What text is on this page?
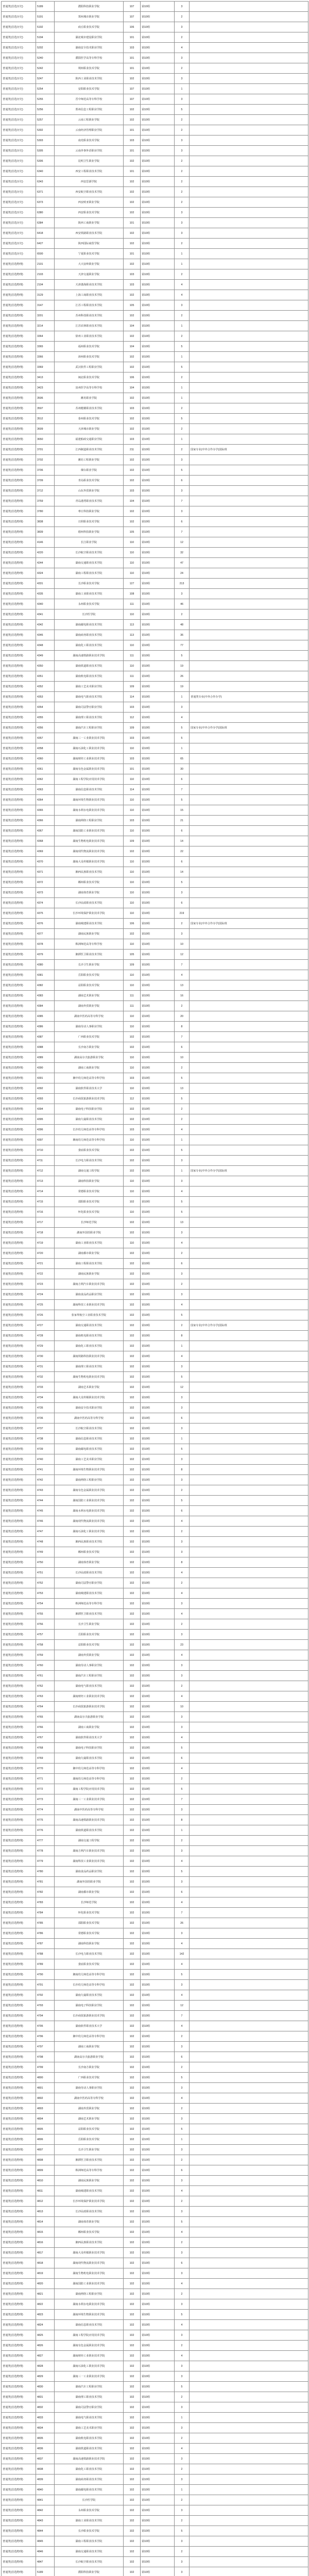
普通类(首选历史)	5189	濮阳科技职业学院	107	第10组	3	
普通类(首选历史)	5191	郑州城市职业学院	107	第10组	2	
普通类(首选历史)	5192	商丘职业技术学院	106	第10组	3	
普通类(首选历史)	5194	湖北城市建设职业学院	101	第10组	2	
普通类(首选历史)	5202	湖南安全技术职业学院	103	第10组	4	
普通类(首选历史)	5240	濮阳医学高等专科学校	101	第10组	3	
普通类(首选历史)	5242	朔州职业技术学院	101	第10组	2	
普通类(首选历史)	5247	陕西工业职业技术学院	102	第10组	3	
普通类(首选历史)	5254	安阳职业技术学院	107	第10组	1	
普通类(首选历史)	5255	晋中师范高等专科学校	107	第10组	3	
普通类(首选历史)	5256	郑州信息工程职业学院	102	第10组	5	
普通类(首选历史)	5257	云南工程职业学院	102	第10组	2	
普通类(首选历史)	5302	云南经济管理职业学院	101	第10组	2	
普通类(首选历史)	5303	南充职业技术学院	103	第10组	3	
普通类(首选历史)	5305	云南外事外语职业学院	101	第10组	3	
普通类(首选历史)	5306	昆明卫生职业学院	102	第10组	2	
普通类(首选历史)	6340	西安工程职业技术学院	101	第10组	2	
普通类(首选历史)	6343	西安思源学院	102	第10组	2	
普通类(首选历史)	6371	西安航空职业技术学院	102	第10组	2	
普通类(首选历史)	6373	西安欧亚职业学院	102	第10组	2	
普通类(首选历史)	6380	西安职业技术学院	102	第10组	3	
普通类(首选历史)	6384	陕西工商职业学院	101	第10组	3	
普通类(首选历史)	6418	西安铁路职业技术学院	102	第10组	3	
普通类(首选历史)	6427	陕西国际商贸学院	102	第10组	2	
普通类(首选历史)	6500	宁夏职业技术学院	101	第10组	1	
普通类(首选物理)	2101	大兴安岭职业学院	102	第10组	1	
普通类(首选物理)	2103	天津交通职业学院	103	第10组	2	
普通类(首选物理)	2104	天津渤海职业技术学院	103	第10组	4	
普通类(首选物理)	3129	上海工商职业技术学院	102	第10组	4	
普通类(首选物理)	3147	江苏工程职业技术学院	105	第10组	3	
普通类(首选物理)	3201	苏州科技职业技术学院	102	第10组	2	
普通类(首选物理)	3214	江苏农林职业技术学院	104	第10组	1	
普通类(首选物理)	3364	徐州工业职业技术学院	102	第10组	2	
普通类(首选物理)	3365	福州职业技术学院	104	第10组	5	
普通类(首选物理)	3366	漳州职业技术学院	102	第10组	1	
普通类(首选物理)	3369	武汉软件工程职业学院	102	第10组	5	
普通类(首选物理)	3413	闽北职业技术学院	106	第10组	2	
普通类(首选物理)	3423	泉州医学高等专科学校	104	第10组	1	
普通类(首选物理)	3506	潍坊职业学院	102	第10组	1	
普通类(首选物理)	3507	苏州健雄职业技术学院	103	第10组	2	
普通类(首选物理)	3512	泰州职业技术学院	102	第10组	5	
普通类(首选物理)	3609	天津城市职业学院	102	第10组	2	
普通类(首选物理)	3650	福建船政交通职业学院	103	第10组	1	
普通类(首选物理)	3701	江西制造职业技术学院	211	第10组	2	国家专业(中外合作办学)国际班
普通类(首选物理)	3702	潍坊工程职业学院	102	第10组	3	
普通类(首选物理)	3706	烟台职业学院	102	第10组	5	
普通类(首选物理)	3709	青岛职业技术学院	102	第10组	6	
普通类(首选物理)	3712	山东外贸职业学院	103	第10组	3	
普通类(首选物理)	3759	青岛港湾职业技术学院	104	第10组	7	
普通类(首选物理)	3780	枣庄科技职业学院	102	第10组	3	
普通类(首选物理)	3838	日照职业技术学院	102	第10组	6	
普通类(首选物理)	3839	德州科技职业学院	105	第10组	7	
普通类(首选物理)	4146	长江职业学院	110	第10组	12	
普通类(首选物理)	4220	长沙航空职业技术学院	110	第10组	32	
普通类(首选物理)	4244	湖南交通职业技术学院	110	第10组	47	
普通类(首选物理)	4324	湖南工程职业技术学院	110	第10组	24	
普通类(首选物理)	4331	长沙职业技术学院	127	第10组	213	
普通类(首选物理)	4335	湖南工业职业技术学院	108	第10组	3	
普通类(首选物理)	4340	永州职业技术学院	111	第10组	46	
普通类(首选物理)	4341	长沙医学院	110	第10组	2	
普通类(首选物理)	4342	湖南邮电职业技术学院	113	第10组	48	
普通类(首选物理)	4346	湖南商务职业技术学院	113	第10组	36	
普通类(首选物理)	4348	湖南化工职业技术学院	110	第10组	77	
普通类(首选物理)	4349	湖南高速铁路职业技术学院	111	第10组	5	
普通类(首选物理)	4350	湖南铁道职业技术学院	110	第10组	19	
普通类(首选物理)	4351	湖南机电职业技术学院	111	第10组	26	
普通类(首选物理)	4352	湖南工艺美术职业学院	109	第10组	19	
普通类(首选物理)	4353	湖南电气职业技术学院	114	第10组	1	普通类专业(中外合作办学)
普通类(首选物理)	4354	湖南司法警官职业学院	103	第10组	3	
普通类(首选物理)	4355	湖南理工职业技术学院	112	第10组	4	
普通类(首选物理)	4356	湖南汽车工程职业学院	109	第10组	5	国家专业(中外合作办学)国际班
普通类(首选物理)	4357	湖南三一工业职业技术学院	103	第10组	5	
普通类(首选物理)	4358	湖南石油化工职业技术学院	110	第10组	1	
普通类(首选物理)	4360	湖南财经工业职业技术学院	103	第10组	65	
普通类(首选物理)	4361	湖南有色金属职业技术学院	101	第10组	30	
普通类(首选物理)	4362	湖南工程学院应用技术学院	110	第10组	6	
普通类(首选物理)	4363	湖南信息职业技术学院	114	第10组	7	
普通类(首选物理)	4364	湖南环境生物职业技术学院	110	第10组	5	
普通类(首选物理)	4365	湖南水利水电职业技术学院	110	第10组	15	
普通类(首选物理)	4366	湖南网络工程职业学院	103	第10组	21	
普通类(首选物理)	4367	湖南国防工业职业技术学院	110	第10组	6	
普通类(首选物理)	4368	湖南生物机电职业技术学院	109	第10组	14	
普通类(首选物理)	4369	湖南现代物流职业技术学院	102	第10组	22	
普通类(首选物理)	4370	湖南大众传媒职业技术学院	110	第10组	6	
普通类(首选物理)	4371	湘西民族职业技术学院	110	第10组	14	
普通类(首选物理)	4372	郴州职业技术学院	110	第10组	5	
普通类(首选物理)	4373	湖南体育职业学院	110	第10组	3	
普通类(首选物理)	4374	长沙民政职业技术学院	110	第10组	6	
普通类(首选物理)	4375	长沙环境保护职业技术学院	110	第10组	219	
普通类(首选物理)	4376	湖南城建职业技术学院	106	第10组	2	国家专业(中外合作办学)国际班
普通类(首选物理)	4377	湖南民族职业学院	102	第10组	3	
普通类(首选物理)	4378	株洲师范高等专科学校	110	第10组	10	
普通类(首选物理)	4379	湘潭医卫职业技术学院	105	第10组	12	
普通类(首选物理)	4380	长沙卫生职业学院	109	第10组	7	
普通类(首选物理)	4381	岳阳职业技术学院	110	第10组	4	
普通类(首选物理)	4382	益阳职业技术学院	110	第10组	13	
普通类(首选物理)	4383	湖南艺术职业学院	111	第10组	16	
普通类(首选物理)	4384	湖南外贸职业学院	111	第10组	2	
普通类(首选物理)	4385	湖南中医药高等专科学校	110	第10组	20	
普通类(首选物理)	4386	湖南劳动人事职业学院	110	第10组	8	
普通类(首选物理)	4387	广西职业技术学院	102	第10组	7	
普通类(首选物理)	4388	长沙南方职业学院	102	第10组	6	
普通类(首选物理)	4389	湖南高尔夫旅游职业学院	110	第10组	10	
普通类(首选物理)	4390	湖南工商职业学院	110	第10组	2	
普通类(首选物理)	4391	湘中幼儿师范高等专科学校	103	第10组	5	
普通类(首选物理)	4392	湖南软件职业技术大学	110	第10组	13	
普通类(首选物理)	4393	长沙商贸旅游职业技术学院	112	第10组	5	
普通类(首选物理)	4394	湖南电子科技职业学院	102	第10组	2	
普通类(首选物理)	4395	湖南九嶷职业技术学院	102	第10组	2	
普通类(首选物理)	4396	长沙幼儿师范高等专科学校	103	第10组	4	
普通类(首选物理)	4397	湘南幼儿师范高等专科学校	110	第10组	1	
普通类(首选物理)	4710	娄底职业技术学院	102	第10组	5	
普通类(首选物理)	4711	长沙电力职业技术学院	102	第10组	3	
普通类(首选物理)	4712	湖南交通工程学院	102	第10组	1	国家专业(中外合作办学)国际班
普通类(首选物理)	4713	湖南科技职业学院	110	第10组	3	
普通类(首选物理)	4714	常德职业技术学院	110	第10组	4	
普通类(首选物理)	4715	邵阳职业技术学院	102	第10组	5	
普通类(首选物理)	4716	怀化职业技术学院	110	第10组	5	
普通类(首选物理)	4717	长沙师范学院	102	第10组	13	
普通类(首选物理)	4718	湖南外国语职业学院	102	第10组	3	
普通类(首选物理)	4719	湖南工业职业技术学院	110	第10组	4	
普通类(首选物理)	4720	湖南都市职业学院	102	第10组	2	
普通类(首选物理)	4721	湖南工程职业技术学院	102	第10组	6	
普通类(首选物理)	4722	湖南民族职业学院	102	第10组	3	
普通类(首选物理)	4723	湖南吉利汽车职业技术学院	102	第10组	2	
普通类(首选物理)	4724	湖南食品药品职业学院	102	第10组	3	
普通类(首选物理)	4725	湖南科技工业职业技术学院	102	第10组	4	
普通类(首选物理)	4726	张家界航空工业职业技术学院	102	第10组	5	
普通类(首选物理)	4727	湖南交通职业技术学院	102	第10组	2	国家专业(中外合作办学)国际班
普通类(首选物理)	4728	湖南机电职业技术学院	102	第10组	8	
普通类(首选物理)	4729	湖南化工职业技术学院	102	第10组	1	
普通类(首选物理)	4730	湖南铁路科技职业技术学院	102	第10组	4	
普通类(首选物理)	4731	湖南理工职业技术学院	102	第10组	3	
普通类(首选物理)	4732	湖南生物机电职业技术学院	102	第10组	5	
普通类(首选物理)	4733	湖南艺术职业学院	102	第10组	12	
普通类(首选物理)	4734	湖南大众传媒职业技术学院	102	第10组	3	
普通类(首选物理)	4735	湖南安全技术职业学院	102	第10组	3	
普通类(首选物理)	4736	湖南中医药高等专科学校	102	第10组	6	
普通类(首选物理)	4737	长沙航空职业技术学院	102	第10组	3	
普通类(首选物理)	4738	湖南信息职业技术学院	102	第10组	1	
普通类(首选物理)	4739	湖南邮电职业技术学院	102	第10组	5	
普通类(首选物理)	4740	湖南工艺美术职业学院	102	第10组	3	
普通类(首选物理)	4741	湖南环境生物职业技术学院	102	第10组	8	
普通类(首选物理)	4742	湖南网络工程职业学院	102	第10组	3	
普通类(首选物理)	4743	湖南有色金属职业技术学院	102	第10组	2	
普通类(首选物理)	4744	湖南国防工业职业技术学院	102	第10组	5	
普通类(首选物理)	4745	湖南水利水电职业技术学院	102	第10组	6	
普通类(首选物理)	4746	湖南现代物流职业技术学院	102	第10组	4	
普通类(首选物理)	4747	湖南石油化工职业技术学院	102	第10组	2	
普通类(首选物理)	4748	湘西民族职业技术学院	102	第10组	3	
普通类(首选物理)	4749	郴州职业技术学院	102	第10组	3	
普通类(首选物理)	4750	湖南体育职业学院	102	第10组	8	
普通类(首选物理)	4751	长沙民政职业技术学院	102	第10组	4	
普通类(首选物理)	4752	湖南司法警官职业学院	102	第10组	2	
普通类(首选物理)	4753	湖南城建职业技术学院	102	第10组	4	
普通类(首选物理)	4754	株洲师范高等专科学校	102	第10组	3	
普通类(首选物理)	4755	湘潭医卫职业技术学院	102	第10组	4	
普通类(首选物理)	4756	长沙卫生职业学院	102	第10组	2	
普通类(首选物理)	4757	岳阳职业技术学院	102	第10组	3	
普通类(首选物理)	4758	益阳职业技术学院	102	第10组	23	
普通类(首选物理)	4759	湖南外贸职业学院	102	第10组	4	
普通类(首选物理)	4760	湖南劳动人事职业学院	102	第10组	3	
普通类(首选物理)	4761	湖南汽车工程职业学院	102	第10组	3	
普通类(首选物理)	4762	湖南电气职业技术学院	102	第10组	2	
普通类(首选物理)	4763	湖南财经工业职业技术学院	102	第10组	4	
普通类(首选物理)	4764	长沙商贸旅游职业技术学院	102	第10组	10	
普通类(首选物理)	4765	湖南高尔夫旅游职业学院	102	第10组	3	
普通类(首选物理)	4766	湖南工商职业学院	102	第10组	3	
普通类(首选物理)	4767	湖南软件职业技术大学	102	第10组	4	
普通类(首选物理)	4768	湖南电子科技职业学院	102	第10组	5	
普通类(首选物理)	4769	湖南九嶷职业技术学院	102	第10组	6	
普通类(首选物理)	4770	湘中幼儿师范高等专科学校	102	第10组	4	
普通类(首选物理)	4771	湖南幼儿师范高等专科学校	102	第10组	2	
普通类(首选物理)	4772	湖南工程学院应用技术学院	102	第10组	5	
普通类(首选物理)	4773	湖南三一工业职业技术学院	102	第10组	7	
普通类(首选物理)	4774	湖南中医药高等专科学校	102	第10组	3	
普通类(首选物理)	4775	湖南高速铁路职业技术学院	102	第10组	8	
普通类(首选物理)	4776	湖南铁道职业技术学院	102	第10组	1	
普通类(首选物理)	4777	湖南交通工程学院	102	第10组	2	
普通类(首选物理)	4778	湖南吉利汽车职业技术学院	102	第10组	3	
普通类(首选物理)	4779	湖南科技工业职业技术学院	102	第10组	4	
普通类(首选物理)	4780	湖南食品药品职业学院	102	第10组	5	
普通类(首选物理)	4781	湖南外国语职业学院	102	第10组	3	
普通类(首选物理)	4782	湖南都市职业学院	102	第10组	6	
普通类(首选物理)	4783	长沙师范学院	102	第10组	4	
普通类(首选物理)	4784	怀化职业技术学院	102	第10组	7	
普通类(首选物理)	4785	邵阳职业技术学院	102	第10组	26	
普通类(首选物理)	4786	常德职业技术学院	102	第10组	3	
普通类(首选物理)	4787	湖南科技职业学院	102	第10组	4	
普通类(首选物理)	4788	长沙电力职业技术学院	102	第10组	142	
普通类(首选物理)	4789	娄底职业技术学院	102	第10组	4	
普通类(首选物理)	4790	湘南幼儿师范高等专科学校	102	第10组	5	
普通类(首选物理)	4791	长沙幼儿师范高等专科学校	102	第10组	3	
普通类(首选物理)	4792	湖南九嶷职业技术学院	102	第10组	4	
普通类(首选物理)	4793	湖南电子科技职业学院	102	第10组	12	
普通类(首选物理)	4794	长沙商贸旅游职业技术学院	102	第10组	7	
普通类(首选物理)	4795	湖南软件职业技术大学	102	第10组	4	
普通类(首选物理)	4796	湘中幼儿师范高等专科学校	102	第10组	2	
普通类(首选物理)	4797	湖南工商职业学院	102	第10组	3	
普通类(首选物理)	4798	湖南高尔夫旅游职业学院	102	第10组	6	
普通类(首选物理)	4799	长沙南方职业学院	102	第10组	2	
普通类(首选物理)	4800	广西职业技术学院	102	第10组	5	
普通类(首选物理)	4801	湖南劳动人事职业学院	102	第10组	3	
普通类(首选物理)	4802	湖南中医药高等专科学校	102	第10组	4	
普通类(首选物理)	4803	湖南外贸职业学院	102	第10组	2	
普通类(首选物理)	4804	湖南艺术职业学院	102	第10组	3	
普通类(首选物理)	4805	益阳职业技术学院	102	第10组	5	
普通类(首选物理)	4806	岳阳职业技术学院	102	第10组	1	
普通类(首选物理)	4807	长沙卫生职业学院	102	第10组	3	
普通类(首选物理)	4808	湘潭医卫职业技术学院	102	第10组	2	
普通类(首选物理)	4809	株洲师范高等专科学校	102	第10组	6	
普通类(首选物理)	4810	湖南民族职业学院	102	第10组	3	
普通类(首选物理)	4811	湖南城建职业技术学院	102	第10组	4	
普通类(首选物理)	4812	长沙环境保护职业技术学院	102	第10组	2	
普通类(首选物理)	4813	长沙民政职业技术学院	102	第10组	3	
普通类(首选物理)	4814	湖南体育职业学院	102	第10组	5	
普通类(首选物理)	4815	郴州职业技术学院	102	第10组	4	
普通类(首选物理)	4816	湘西民族职业技术学院	102	第10组	2	
普通类(首选物理)	4817	湖南大众传媒职业技术学院	102	第10组	3	
普通类(首选物理)	4818	湖南现代物流职业技术学院	102	第10组	6	
普通类(首选物理)	4819	湖南生物机电职业技术学院	102	第10组	3	
普通类(首选物理)	4820	湖南国防工业职业技术学院	102	第10组	4	
普通类(首选物理)	4821	湖南网络工程职业学院	102	第10组	2	
普通类(首选物理)	4822	湖南水利水电职业技术学院	102	第10组	3	
普通类(首选物理)	4823	湖南环境生物职业技术学院	102	第10组	5	
普通类(首选物理)	4824	湖南信息职业技术学院	102	第10组	4	
普通类(首选物理)	4825	湖南工程学院应用技术学院	102	第10组	3	
普通类(首选物理)	4826	湖南有色金属职业技术学院	102	第10组	2	
普通类(首选物理)	4827	湖南财经工业职业技术学院	102	第10组	4	
普通类(首选物理)	4828	湖南石油化工职业技术学院	102	第10组	3	
普通类(首选物理)	4829	湖南三一工业职业技术学院	102	第10组	3	
普通类(首选物理)	4830	湖南汽车工程职业学院	102	第10组	5	
普通类(首选物理)	4831	湖南理工职业技术学院	102	第10组	2	
普通类(首选物理)	4832	湖南司法警官职业学院	102	第10组	3	
普通类(首选物理)	4833	湖南电气职业技术学院	102	第10组	1	
普通类(首选物理)	4834	湖南工艺美术职业学院	102	第10组	3	
普通类(首选物理)	4835	湖南机电职业技术学院	102	第10组	2	
普通类(首选物理)	4836	湖南铁道职业技术学院	102	第10组	4	
普通类(首选物理)	4837	湖南高速铁路职业技术学院	102	第10组	3	
普通类(首选物理)	4838	湖南化工职业技术学院	102	第10组	2	
普通类(首选物理)	4839	湖南商务职业技术学院	102	第10组	3	
普通类(首选物理)	4840	湖南邮电职业技术学院	102	第10组	1	
普通类(首选物理)	4841	长沙医学院	102	第10组	2	
普通类(首选物理)	4842	永州职业技术学院	102	第10组	3	
普通类(首选物理)	4843	湖南工业职业技术学院	102	第10组	2	
普通类(首选物理)	4844	长沙职业技术学院	102	第10组	5	
普通类(首选物理)	4845	湖南工程职业技术学院	102	第10组	3	
普通类(首选物理)	4846	湖南交通职业技术学院	102	第10组	2	
普通类(首选物理)	4847	长沙航空职业技术学院	102	第10组	3	
普通类(首选物理)	5189	濮阳科技职业学院	102	第10组	3	
